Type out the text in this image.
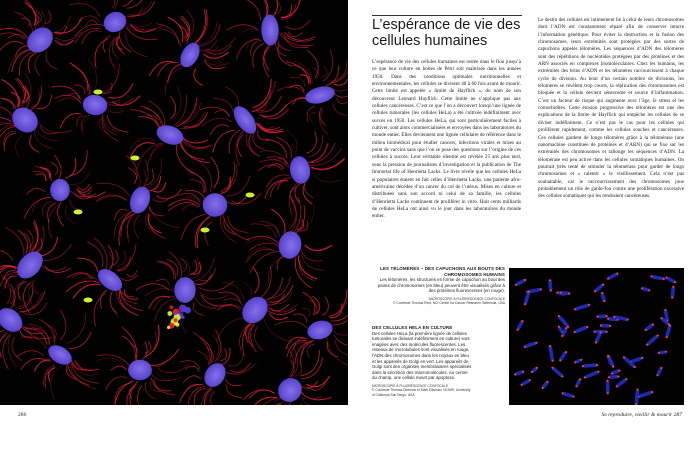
286
L’espérance de vie des cellules humaines

L’espérance de vie des cellules humaines est restée dans le flou jusqu’à ce que leur culture en boîtes de Pétri soit maîtrisée dans les années 1950. Dans des conditions optimales nutritionnelles et environnementales, les cellules se divisent 40 à 60 fois avant de mourir. Cette limite est appelée « limite de Hayflick », du nom de son découvreur Leonard Hayflick. Cette limite ne s’applique pas aux cellules cancéreuses. C’est ce que l’on a découvert lorsqu’une lignée de cellules tumorales (les cellules HeLa) a été cultivée indéfiniment avec succès en 1950. Les cellules HeLa, qui sont particulièrement faciles à cultiver, sont alors commercialisées et envoyées dans les laboratoires du monde entier. Elles deviennent une lignée cellulaire de référence dans le milieu biomédical pour étudier cancers, infections virales et mises au point de vaccins sans que l’on se pose des questions sur l’origine de ces cellules à succès. Leur véritable identité est révélée 25 ans plus tard, sous la pression de journalistes d’investigation et la publication de The Immortal life of Henrietta Lacks. Le livre révèle que les cellules HeLa si populaires étaient en fait celles d’Henrietta Lacks, une patiente afro-américaine décédée d’un cancer du col de l’utérus. Mises en culture et distribuées sans son accord ni celui de sa famille, les cellules d’Henrietta Lacks continuent de proliférer in vitro. Huit cents milliards de cellules HeLa ont ainsi vu le jour dans les laboratoires du monde entier.

Le destin des cellules est intimement lié à celui de leurs chromosomes dont l’ADN est constamment réparé afin de conserver intacte l’information génétique. Pour éviter la destruction et la fusion des chromosomes, leurs extrémités sont protégées par des sortes de capuchons appelés télomères. Les séquences d’ADN des télomères sont des répétitions de nucléotides protégées par des protéines et des ARN associés en complexes biomoléculaires. Chez les humains, les extrémités des brins d’ADN et les télomères raccourcissent à chaque cycle de division. Au bout d’un certain nombre de divisions, les télomères se révèlent trop courts, la réplication des chromosomes est bloquée et la cellule devient sénescente et source d’inflammation. C’est un facteur de risque qui augmente avec l’âge, le stress et les comorbidités. Cette érosion progressive des télomères est une des explications de la limite de Hayflick qui empêche les cellules de se diviser indéfiniment. Ce n’est pas le cas pour les cellules qui prolifèrent rapidement, comme les cellules souches et cancéreuses. Ces cellules gardent de longs télomères grâce à la télomérase (une nanomachine constituée de protéines et d’ARN) qui se fixe sur les extrémités des chromosomes et rallonge les séquences d’ADN. La télomérase est peu active dans les cellules somatiques humaines. On pourrait (très tenté de stimuler la télomérase pour garder de longs chromosomes et « ralentir » le vieillissement. Cela n’est pas souhaitable, car le raccourcissement des chromosomes joue probablement un rôle de garde-fou contre une prolifération excessive des cellules somatiques qui les rendraient cancéreuses.

LES TÉLOMÈRES – DES CAPUCHONS AUX BOUTS DES CHROMOSOMES HUMAINS
Les télomères, les structures en forme de capuchon au bout des paires de chromosomes (en bleu) peuvent être visualisés grâce à des protéines fluorescentes (en rouge).
MICROSCOPIE À FLUORESCENCE CONFOCALE
© Courtesie Thomas Ried, NCI Center for Cancer Research, Bethesda, USA
DES CELLULES HELA EN CULTURE
Des cellules HeLa (la première lignée de cellules tumorales se divisant indéfiniment en culture) sont imagées avec des molécules fluorescentes. Les réseaux de microtubules sont visualisés en rouge, l’ADN des chromosomes dans les noyaux en bleu et les appareils de Golgi en vert. Les appareils de Golgi sont des organites membranaires spécialisés dans la sécrétion des macromolécules. Au centre du champ, une cellule meurt par apoptose.
MICROSCOPIE À FLUORESCENCE CONFOCALE
© Courtesie Thomas Deerinck et Mark Ellisman, NCMIR, University of California San Diego, USA
Se reproduire, vieillir & mourir 287
